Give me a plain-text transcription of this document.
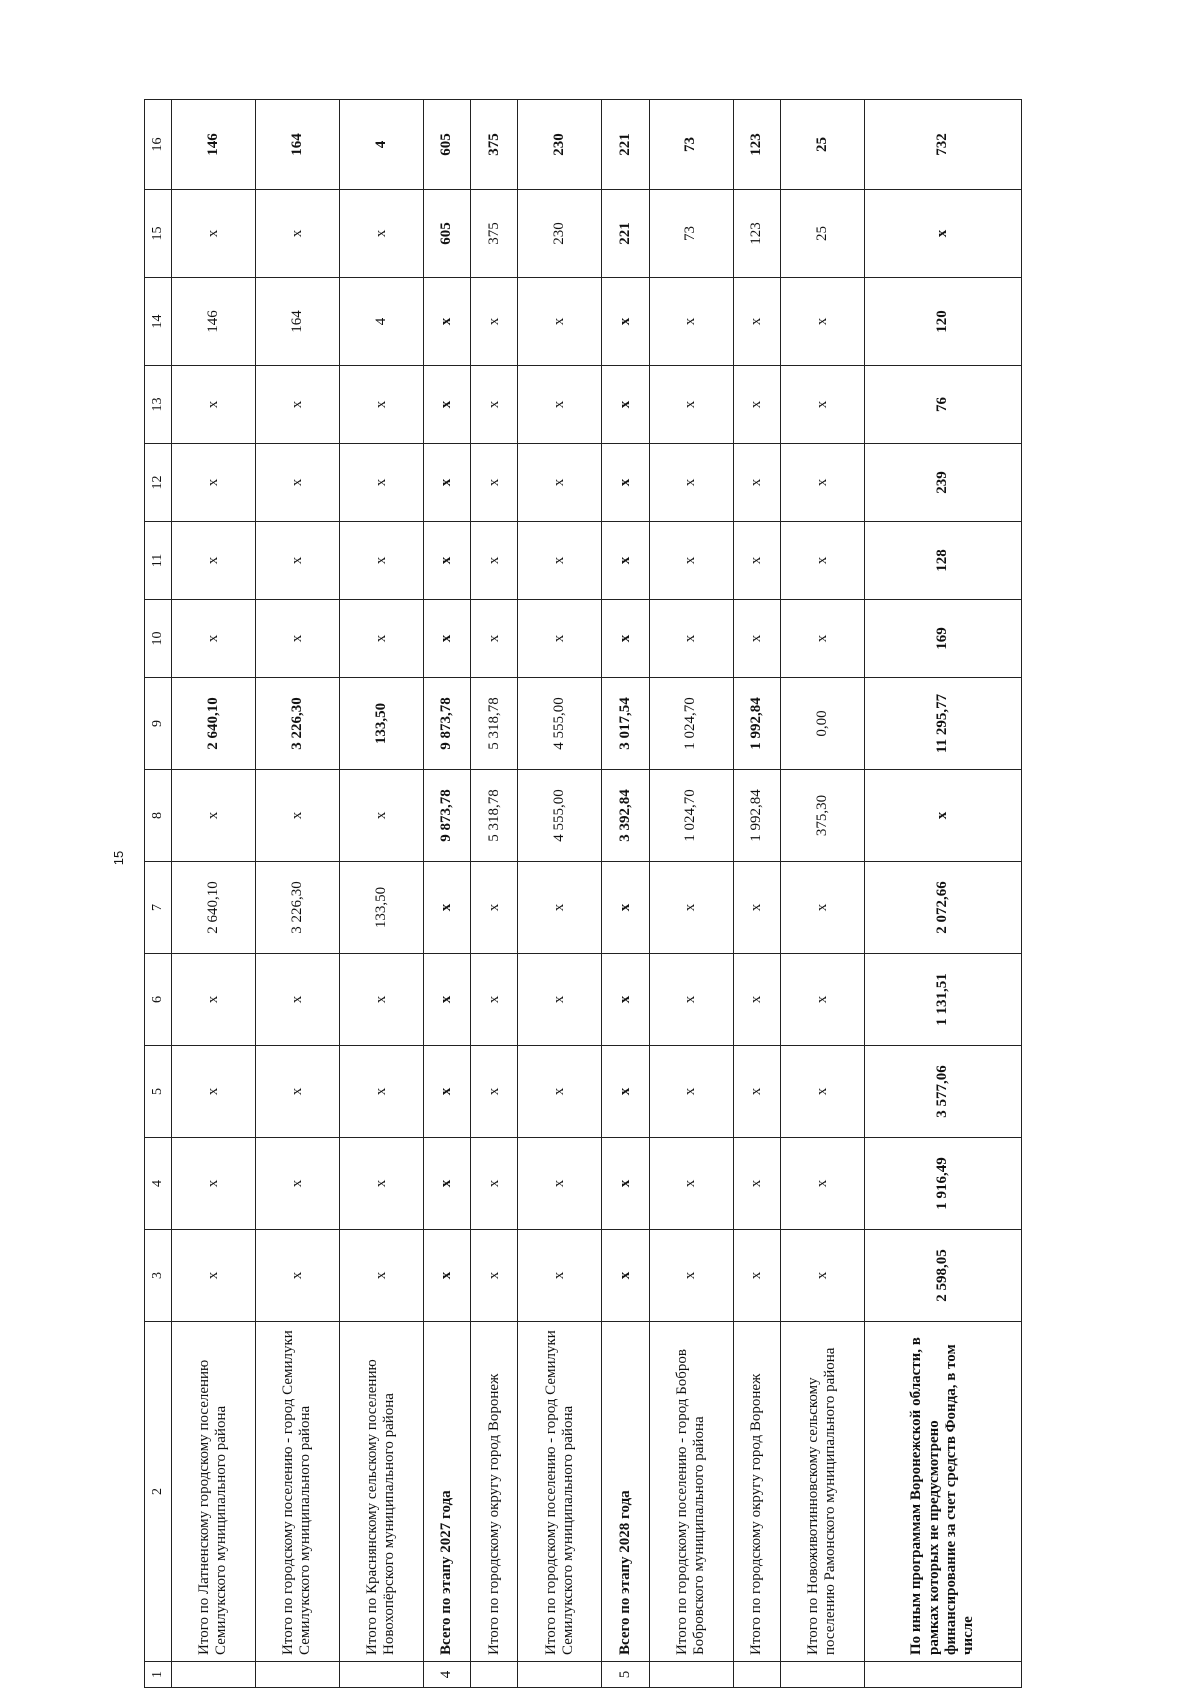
15
1	2	3	4	5	6	7	8	9	10	11	12	13	14	15	16
	Итого по Латненскому городскому поселению Семилукского муниципального района	x	x	x	x	2 640,10	x	2 640,10	x	x	x	x	146	x	146
	Итого по городскому поселению - город Семилуки Семилукского муниципального района	x	x	x	x	3 226,30	x	3 226,30	x	x	x	x	164	x	164
	Итого по Краснянскому сельскому поселению Новохопёрского муниципального района	x	x	x	x	133,50	x	133,50	x	x	x	x	4	x	4
4	Всего по этапу 2027 года	x	x	x	x	x	9 873,78	9 873,78	x	x	x	x	x	605	605
	Итого по городскому округу город Воронеж	x	x	x	x	x	5 318,78	5 318,78	x	x	x	x	x	375	375
	Итого по городскому поселению - город Семилуки Семилукского муниципального района	x	x	x	x	x	4 555,00	4 555,00	x	x	x	x	x	230	230
5	Всего по этапу 2028 года	x	x	x	x	x	3 392,84	3 017,54	x	x	x	x	x	221	221
	Итого по городскому поселению - город Бобров Бобровского муниципального района	x	x	x	x	x	1 024,70	1 024,70	x	x	x	x	x	73	73
	Итого по городскому округу город Воронеж	x	x	x	x	x	1 992,84	1 992,84	x	x	x	x	x	123	123
	Итого по Новоживотинновскому сельскому поселению Рамонского муниципального района	x	x	x	x	x	375,30	0,00	x	x	x	x	x	25	25
	По иным программам Воронежской области, в рамках которых не предусмотрено финансирование за счет средств Фонда, в том числе	2 598,05	1 916,49	3 577,06	1 131,51	2 072,66	x	11 295,77	169	128	239	76	120	x	732
